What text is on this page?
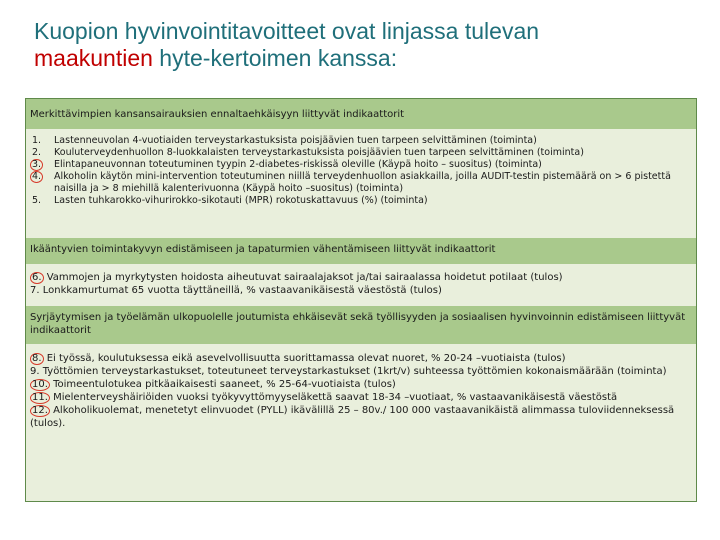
Kuopion hyvinvointitavoitteet ovat linjassa tulevan
maakuntien hyte-kertoimen kanssa:
Merkittävimpien kansansairauksien ennaltaehkäisyyn liittyvät indikaattorit
1. Lastenneuvolan 4-vuotiaiden terveystarkastuksista poisjäävien tuen tarpeen selvittäminen (toiminta)
2. Kouluterveydenhuollon 8-luokkalaisten terveystarkastuksista poisjäävien tuen tarpeen selvittäminen (toiminta)
3. Elintapaneuvonnan toteutuminen tyypin 2-diabetes-riskissä oleville (Käypä hoito – suositus) (toiminta)
4. Alkoholin käytön mini-intervention toteutuminen niillä terveydenhuollon asiakkailla, joilla AUDIT-testin pistemäärä on > 6 pistettä naisilla ja > 8 miehillä kalenterivuonna (Käypä hoito –suositus) (toiminta)
5. Lasten tuhkarokko-vihurirokko-sikotauti (MPR) rokotuskattavuus (%) (toiminta)
Ikääntyvien toimintakyvyn edistämiseen ja tapaturmien vähentämiseen liittyvät indikaattorit
6. Vammojen ja myrkytysten hoidosta aiheutuvat sairaalajaksot ja/tai sairaalassa hoidetut potilaat (tulos)
7. Lonkkamurtumat 65 vuotta täyttäneillä, % vastaavanikäisestä väestöstä (tulos)
Syrjäytymisen ja työelämän ulkopuolelle joutumista ehkäisevät sekä työllisyyden ja sosiaalisen hyvinvoinnin edistämiseen liittyvät indikaattorit
8. Ei työssä, koulutuksessa eikä asevelvollisuutta suorittamassa olevat nuoret, % 20-24 –vuotiaista (tulos)
9. Työttömien terveystarkastukset, toteutuneet terveystarkastukset (1krt/v) suhteessa työttömien kokonaismäärään (toiminta)
10. Toimeentulotukea pitkäaikaisesti saaneet, % 25-64-vuotiaista (tulos)
11. Mielenterveyshäiriöiden vuoksi työkyvyttömyyseläkettä saavat 18-34 –vuotiaat, % vastaavanikäisestä väestöstä
12. Alkoholikuolemat, menetetyt elinvuodet (PYLL) ikävälillä 25 – 80v./ 100 000 vastaavanikäistä alimmassa tuloviidenneksessä (tulos).
